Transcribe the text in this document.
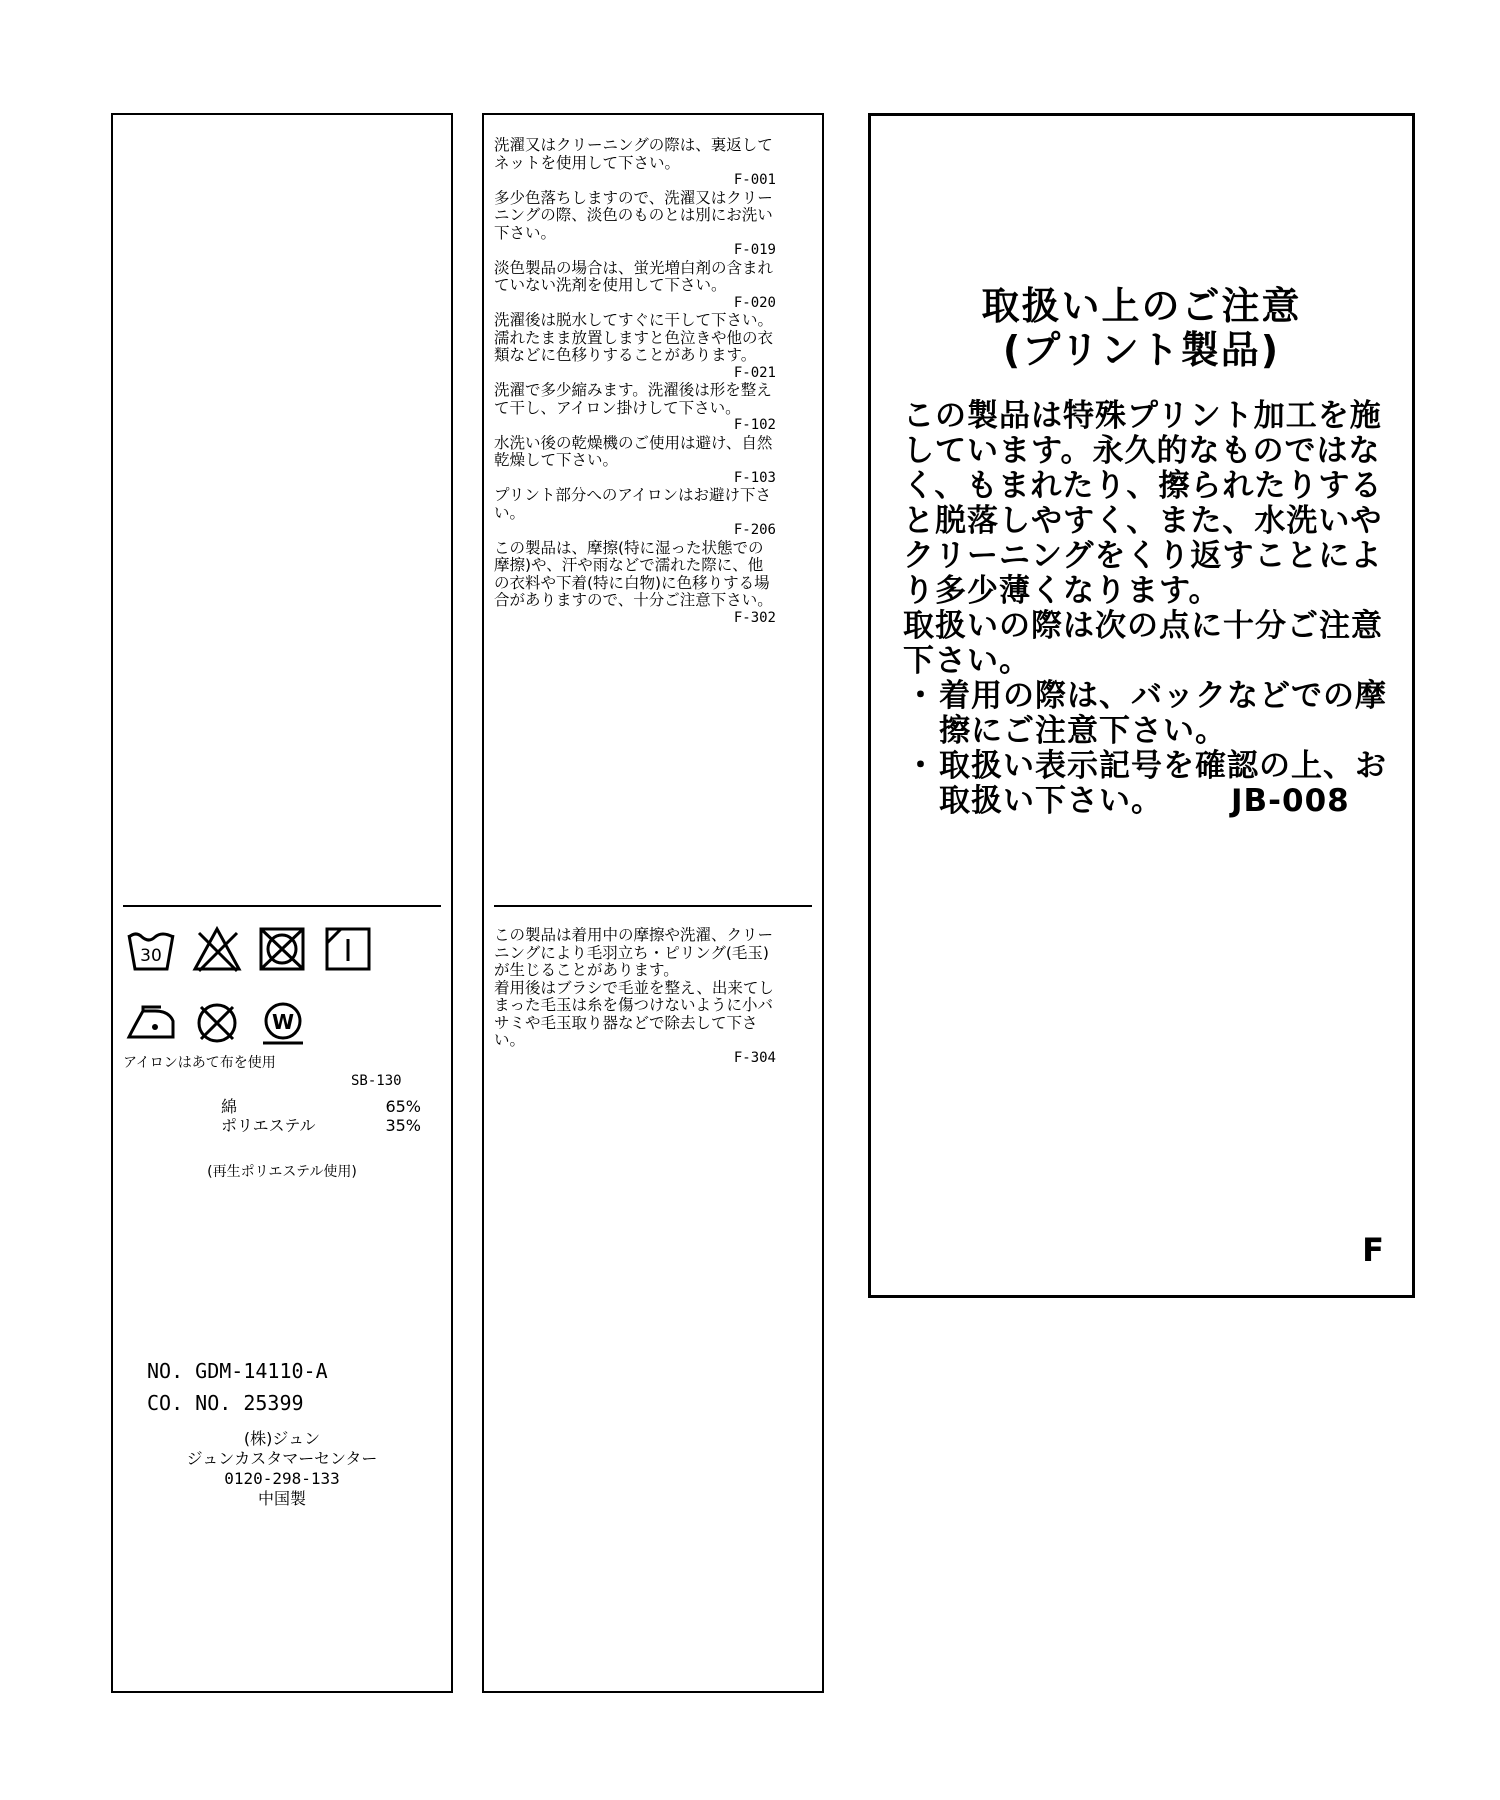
30
W
アイロンはあて布を使用
SB-130
綿	65%
ポリエステル	35%
(再生ポリエステル使用)
NO. GDM-14110-A
CO. NO. 25399
(株)ジュン
ジュンカスタマーセンター
0120-298-133
中国製

洗濯又はクリーニングの際は、裏返してネットを使用して下さい。

F-001

多少色落ちしますので、洗濯又はクリーニングの際、淡色のものとは別にお洗い下さい。

F-019

淡色製品の場合は、蛍光増白剤の含まれていない洗剤を使用して下さい。

F-020

洗濯後は脱水してすぐに干して下さい。濡れたまま放置しますと色泣きや他の衣類などに色移りすることがあります。

F-021

洗濯で多少縮みます。洗濯後は形を整えて干し、アイロン掛けして下さい。

F-102

水洗い後の乾燥機のご使用は避け、自然乾燥して下さい。

F-103

プリント部分へのアイロンはお避け下さい。

F-206

この製品は、摩擦(特に湿った状態での摩擦)や、汗や雨などで濡れた際に、他の衣料や下着(特に白物)に色移りする場合がありますので、十分ご注意下さい。

F-302

この製品は着用中の摩擦や洗濯、クリーニングにより毛羽立ち・ピリング(毛玉)が生じることがあります。

着用後はブラシで毛並を整え、出来てしまった毛玉は糸を傷つけないように小バサミや毛玉取り器などで除去して下さい。

F-304
取扱い上のご注意
(プリント製品)

この製品は特殊プリント加工を施しています。永久的なものではなく、もまれたり、擦られたりすると脱落しやすく、また、水洗いやクリーニングをくり返すことにより多少薄くなります。

取扱いの際は次の点に十分ご注意下さい。

・ 着用の際は、バックなどでの摩擦にご注意下さい。
・ 取扱い表示記号を確認の上、お取扱い下さい。 JB-008
F
